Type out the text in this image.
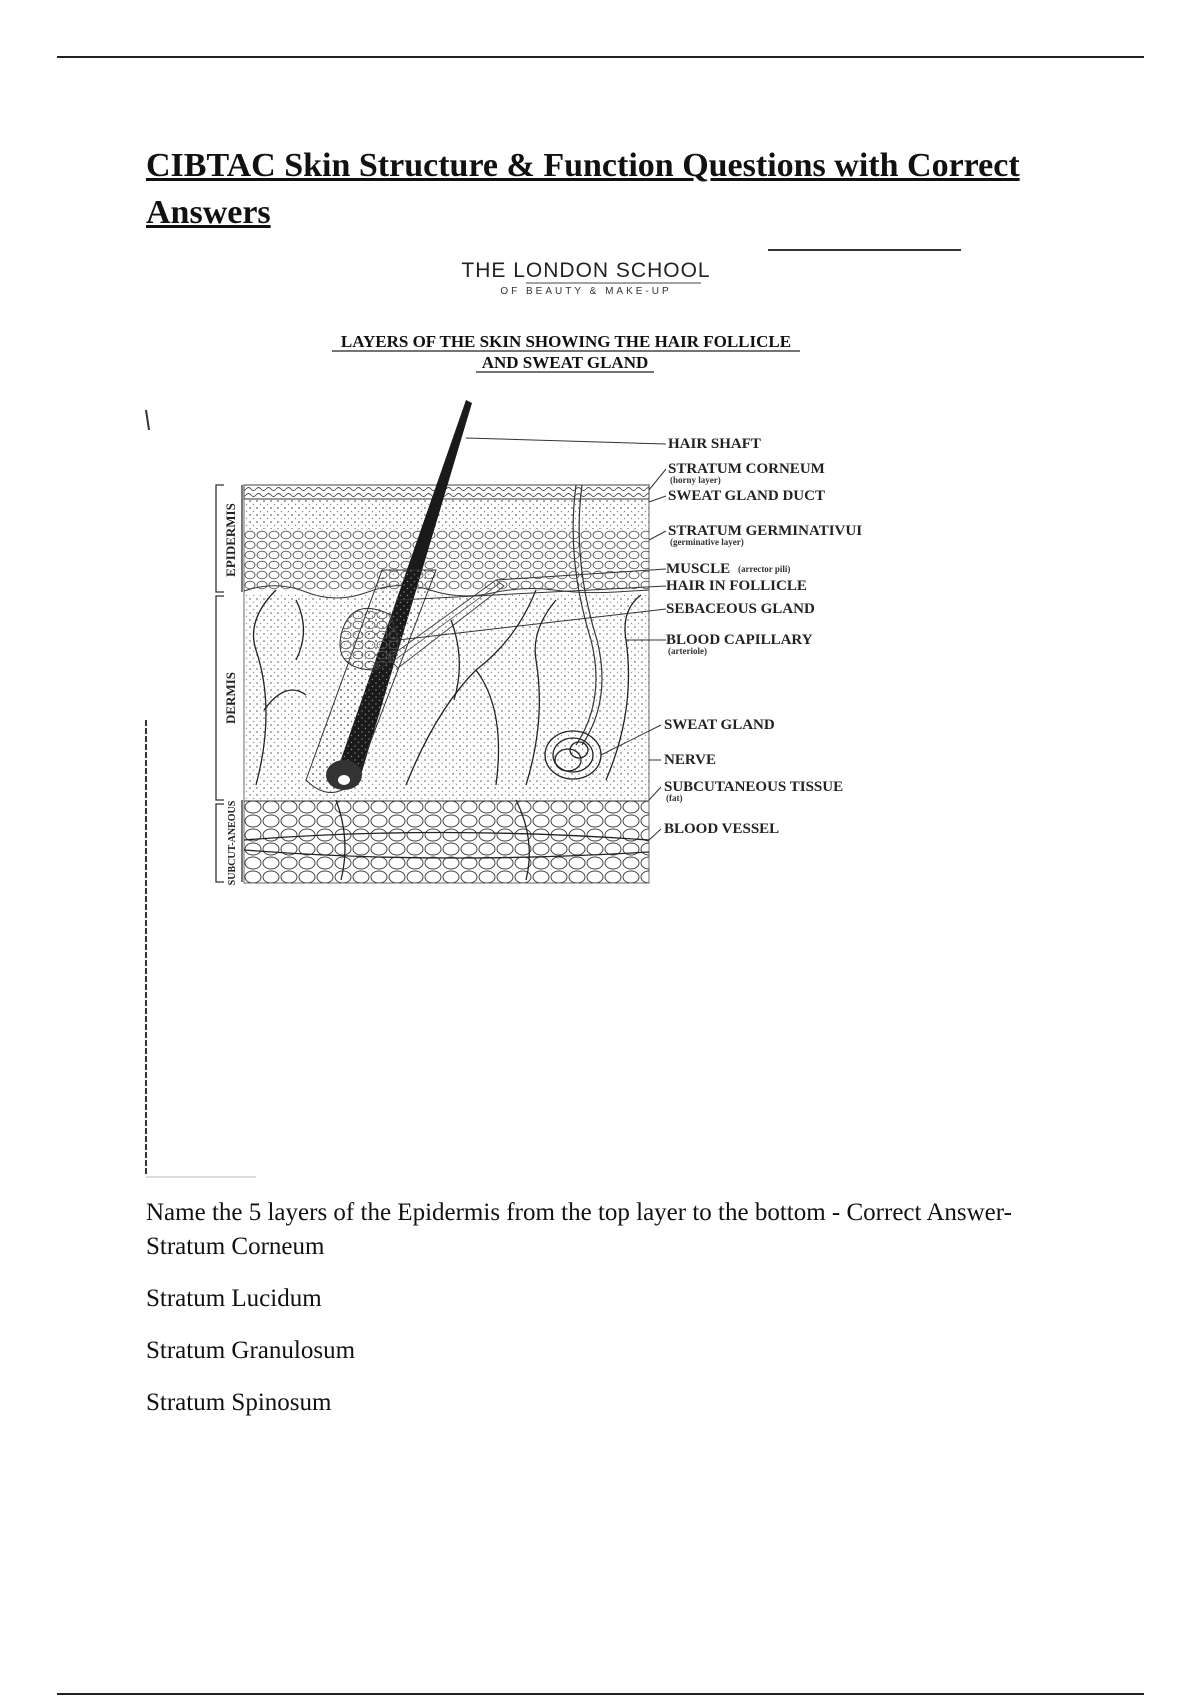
CIBTAC Skin Structure & Function Questions with Correct Answers
THE LONDON SCHOOL
OF BEAUTY & MAKE-UP
LAYERS OF THE SKIN SHOWING THE HAIR FOLLICLE
AND SWEAT GLAND
EPIDERMIS
DERMIS
SUBCUT-ANEOUS
HAIR SHAFT
STRATUM CORNEUM
(horny layer)
SWEAT GLAND DUCT
STRATUM GERMINATIVUI
(germinative layer)
MUSCLE (arrector pili)
HAIR IN FOLLICLE
SEBACEOUS GLAND
BLOOD CAPILLARY
(arteriole)
SWEAT GLAND
NERVE
SUBCUTANEOUS TISSUE
(fat)
BLOOD VESSEL

Name the 5 layers of the Epidermis from the top layer to the bottom - Correct Answer-Stratum Corneum

Stratum Lucidum

Stratum Granulosum

Stratum Spinosum
